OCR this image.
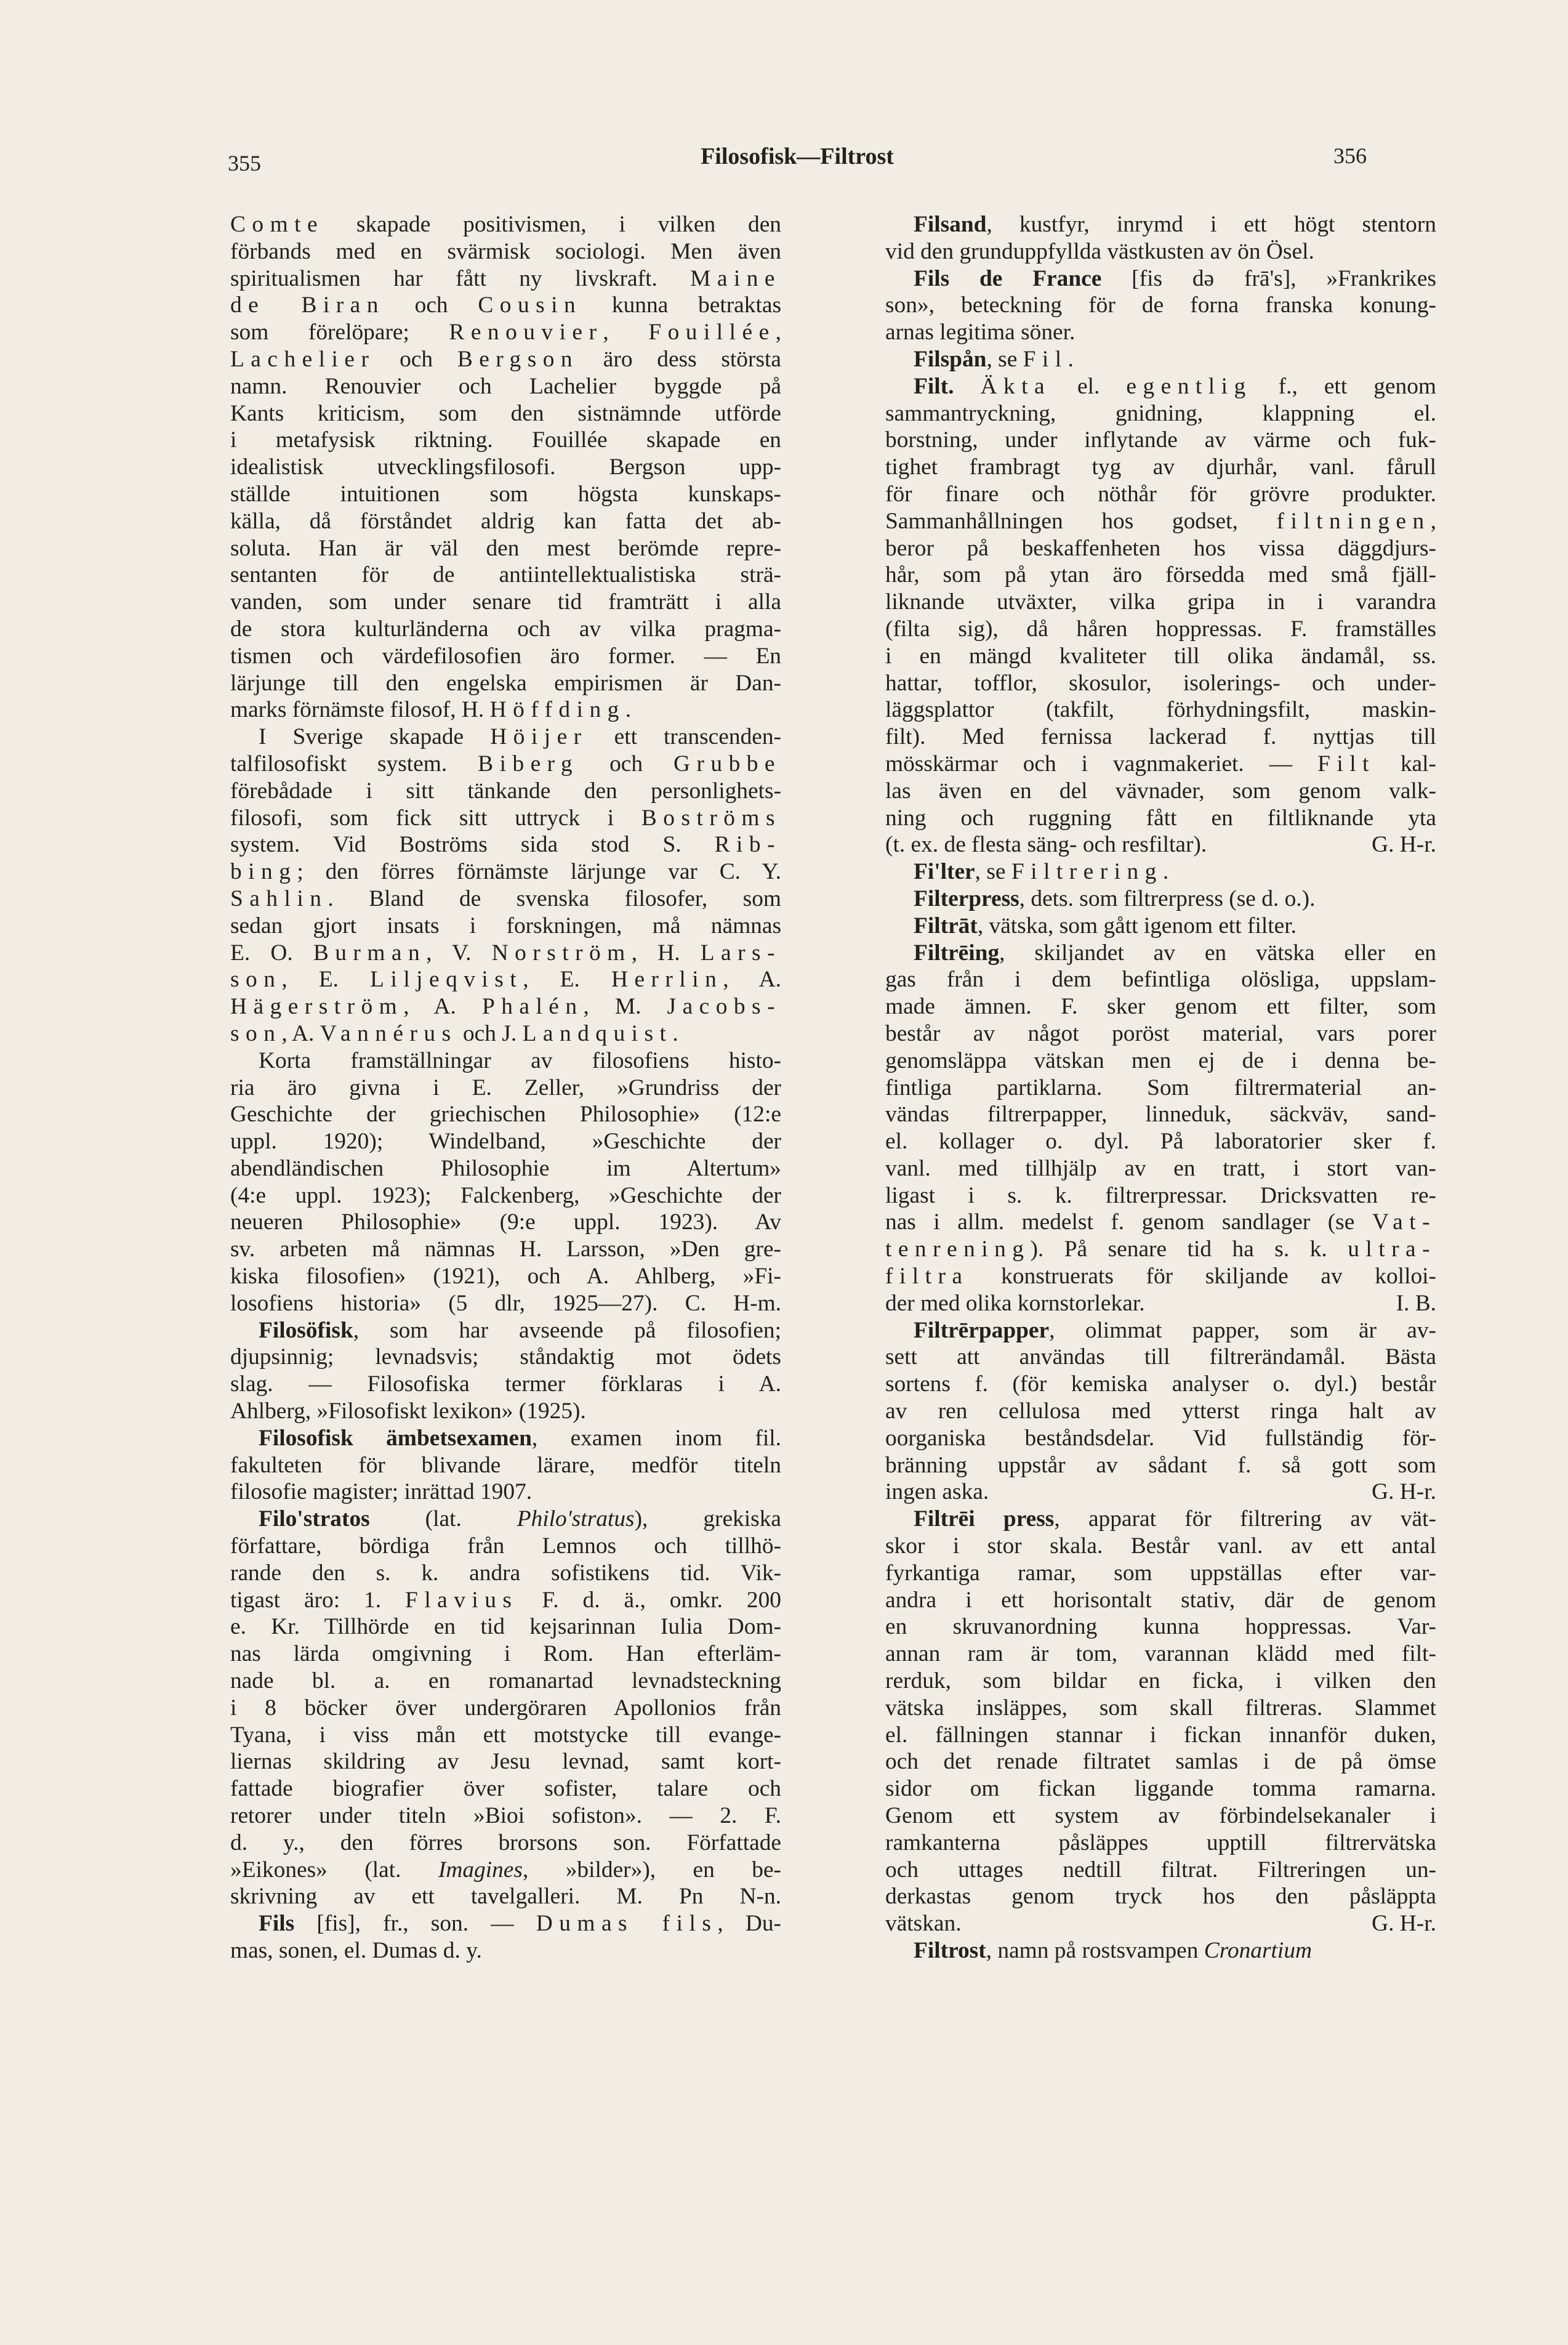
355	Filosofisk—Filtrost	356
Comte skapade positivismen, i vilken den
förbands med en svärmisk sociologi. Men även
spiritualismen har fått ny livskraft. Maine
de Biran och Cousin kunna betraktas
som förelöpare; Renouvier, Fouillée,
Lachelier och Bergson äro dess största
namn. Renouvier och Lachelier byggde på
Kants kriticism, som den sistnämnde utförde
i metafysisk riktning. Fouillée skapade en
idealistisk utvecklingsfilosofi. Bergson upp-
ställde intuitionen som högsta kunskaps-
källa, då förståndet aldrig kan fatta det ab-
soluta. Han är väl den mest berömde repre-
sentanten för de antiintellektualistiska strä-
vanden, som under senare tid framträtt i alla
de stora kulturländerna och av vilka pragma-
tismen och värdefilosofien äro former. — En
lärjunge till den engelska empirismen är Dan-
marks förnämste filosof, H. Höffding.
I Sverige skapade Höijer ett transcenden-
talfilosofiskt system. Biberg och Grubbe
förebådade i sitt tänkande den personlighets-
filosofi, som fick sitt uttryck i Boströms
system. Vid Boströms sida stod S. Rib-
bing; den förres förnämste lärjunge var C. Y.
Sahlin. Bland de svenska filosofer, som
sedan gjort insats i forskningen, må nämnas
E. O. Burman, V. Norström, H. Lars-
son, E. Liljeqvist, E. Herrlin, A.
Hägerström, A. Phalén, M. Jacobs-
son, A. Vannérus och J. Landquist.
Korta framställningar av filosofiens histo-
ria äro givna i E. Zeller, »Grundriss der
Geschichte der griechischen Philosophie» (12:e
uppl. 1920); Windelband, »Geschichte der
abendländischen Philosophie im Altertum»
(4:e uppl. 1923); Falckenberg, »Geschichte der
neueren Philosophie» (9:e uppl. 1923). Av
sv. arbeten må nämnas H. Larsson, »Den gre-
kiska filosofien» (1921), och A. Ahlberg, »Fi-
losofiens historia» (5 dlr, 1925—27). C. H-m.
Filosöfisk, som har avseende på filosofien;
djupsinnig; levnadsvis; ståndaktig mot ödets
slag. — Filosofiska termer förklaras i A.
Ahlberg, »Filosofiskt lexikon» (1925).
Filosofisk ämbetsexamen, examen inom fil.
fakulteten för blivande lärare, medför titeln
filosofie magister; inrättad 1907.
Filo'stratos (lat. Philo'stratus), grekiska
författare, bördiga från Lemnos och tillhö-
rande den s. k. andra sofistikens tid. Vik-
tigast äro: 1. Flavius F. d. ä., omkr. 200
e. Kr. Tillhörde en tid kejsarinnan Iulia Dom-
nas lärda omgivning i Rom. Han efterläm-
nade bl. a. en romanartad levnadsteckning
i 8 böcker över undergöraren Apollonios från
Tyana, i viss mån ett motstycke till evange-
liernas skildring av Jesu levnad, samt kort-
fattade biografier över sofister, talare och
retorer under titeln »Bioi sofiston». — 2. F.
d. y., den förres brorsons son. Författade
»Eikones» (lat. Imagines, »bilder»), en be-
skrivning av ett tavelgalleri. M. Pn N-n.
Fils [fis], fr., son. — Dumas fils, Du-
mas, sonen, el. Dumas d. y.
Filsand, kustfyr, inrymd i ett högt stentorn
vid den grunduppfyllda västkusten av ön Ösel.
Fils de France [fis də frā's], »Frankrikes
son», beteckning för de forna franska konung-
arnas legitima söner.
Filspån, se Fil.
Filt. Äkta el. egentlig f., ett genom
sammantryckning, gnidning, klappning el.
borstning, under inflytande av värme och fuk-
tighet frambragt tyg av djurhår, vanl. fårull
för finare och nöthår för grövre produkter.
Sammanhållningen hos godset, filtningen,
beror på beskaffenheten hos vissa däggdjurs-
hår, som på ytan äro försedda med små fjäll-
liknande utväxter, vilka gripa in i varandra
(filta sig), då håren hoppressas. F. framställes
i en mängd kvaliteter till olika ändamål, ss.
hattar, tofflor, skosulor, isolerings- och under-
läggsplattor (takfilt, förhydningsfilt, maskin-
filt). Med fernissa lackerad f. nyttjas till
mösskärmar och i vagnmakeriet. — Filt kal-
las även en del vävnader, som genom valk-
ning och ruggning fått en filtliknande yta
(t. ex. de flesta säng- och resfiltar).	G. H-r.
Fi'lter, se Filtrering.
Filterpress, dets. som filtrerpress (se d. o.).
Filtrāt, vätska, som gått igenom ett filter.
Filtrēing, skiljandet av en vätska eller en
gas från i dem befintliga olösliga, uppslam-
made ämnen. F. sker genom ett filter, som
består av något poröst material, vars porer
genomsläppa vätskan men ej de i denna be-
fintliga partiklarna. Som filtrermaterial an-
vändas filtrerpapper, linneduk, säckväv, sand-
el. kollager o. dyl. På laboratorier sker f.
vanl. med tillhjälp av en tratt, i stort van-
ligast i s. k. filtrerpressar. Dricksvatten re-
nas i allm. medelst f. genom sandlager (se Vat-
tenrening). På senare tid ha s. k. ultra-
filtra konstruerats för skiljande av kolloi-
der med olika kornstorlekar.	I. B.
Filtrērpapper, olimmat papper, som är av-
sett att användas till filtrerändamål. Bästa
sortens f. (för kemiska analyser o. dyl.) består
av ren cellulosa med ytterst ringa halt av
oorganiska beståndsdelar. Vid fullständig för-
bränning uppstår av sådant f. så gott som
ingen aska.	G. H-r.
Filtrēi press, apparat för filtrering av vät-
skor i stor skala. Består vanl. av ett antal
fyrkantiga ramar, som uppställas efter var-
andra i ett horisontalt stativ, där de genom
en skruvanordning kunna hoppressas. Var-
annan ram är tom, varannan klädd med filt-
rerduk, som bildar en ficka, i vilken den
vätska insläppes, som skall filtreras. Slammet
el. fällningen stannar i fickan innanför duken,
och det renade filtratet samlas i de på ömse
sidor om fickan liggande tomma ramarna.
Genom ett system av förbindelsekanaler i
ramkanterna påsläppes upptill filtrervätska
och uttages nedtill filtrat. Filtreringen un-
derkastas genom tryck hos den påsläppta
vätskan.	G. H-r.
Filtrost, namn på rostsvampen Cronartium
